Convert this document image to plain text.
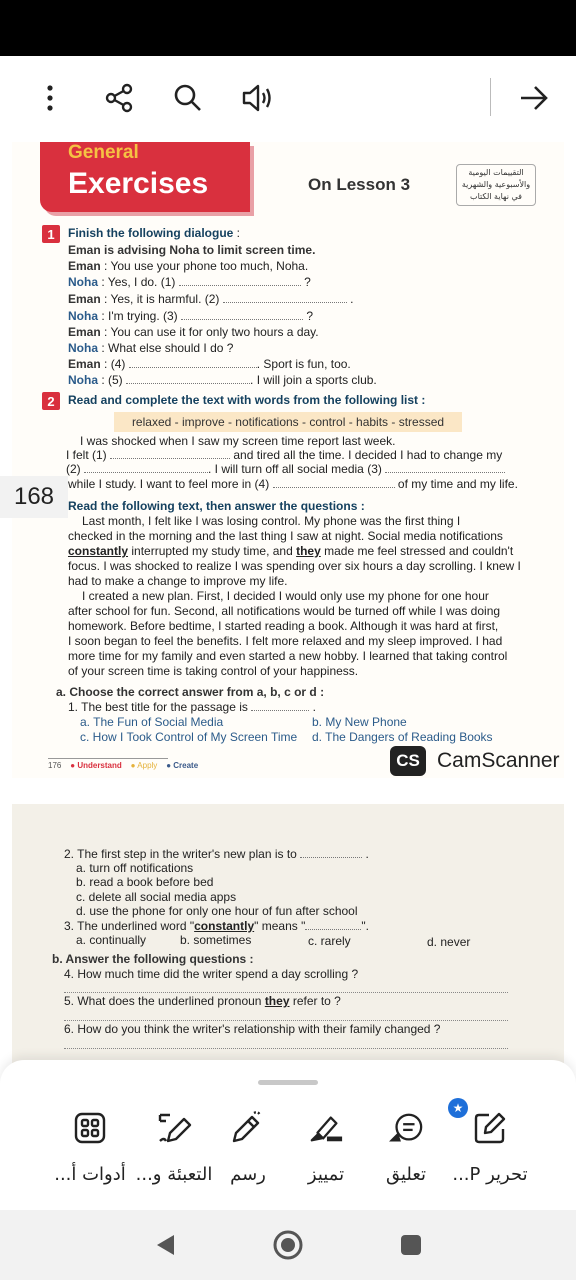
General
Exercises	On Lesson 3
التقييمات اليومية
والأسبوعية والشهرية
في نهاية الكتاب
1	Finish the following dialogue :
Eman is advising Noha to limit screen time.
Eman : You use your phone too much, Noha.
Noha : Yes, I do. (1)	?
Eman : Yes, it is harmful. (2)	.
Noha : I'm trying. (3)	?
Eman : You can use it for only two hours a day.
Noha : What else should I do ?
Eman : (4)	. Sport is fun, too.
Noha : (5)	. I will join a sports club.
2	Read and complete the text with words from the following list :
relaxed - improve - notifications - control - habits - stressed
I was shocked when I saw my screen time report last week.
I felt (1)	and tired all the time. I decided I had to change my
(2)	. I will turn off all social media (3)
while I study. I want to feel more in (4)	of my time and my life.
Read the following text, then answer the questions :
Last month, I felt like I was losing control. My phone was the first thing I
checked in the morning and the last thing I saw at night. Social media notifications
constantly interrupted my study time, and they made me feel stressed and couldn't
focus. I was shocked to realize I was spending over six hours a day scrolling. I knew I
had to make a change to improve my life.
I created a new plan. First, I decided I would only use my phone for one hour
after school for fun. Second, all notifications would be turned off while I was doing
homework. Before bedtime, I started reading a book. Although it was hard at first,
I soon began to feel the benefits. I felt more relaxed and my sleep improved. I had
more time for my family and even started a new hobby. I learned that taking control
of your screen time is taking control of your happiness.
a. Choose the correct answer from a, b, c or d :
1. The best title for the passage is	.
a. The Fun of Social Media	b. My New Phone
c. How I Took Control of My Screen Time d. The Dangers of Reading Books
176 ● Understand ● Apply ● Create	CS CamScanner
168
2. The first step in the writer's new plan is to	.
a. turn off notifications
b. read a book before bed
c. delete all social media apps
d. use the phone for only one hour of fun after school
3. The underlined word "constantly" means "	".
a. continually	b. sometimes	c. rarely	d. never
b. Answer the following questions :
4. How much time did the writer spend a day scrolling ?
5. What does the underlined pronoun they refer to ?
6. How do you think the writer's relationship with their family changed ?
أدوات أ... التعبئة و... رسم	تمييز	تعليق	تحرير P...
★
